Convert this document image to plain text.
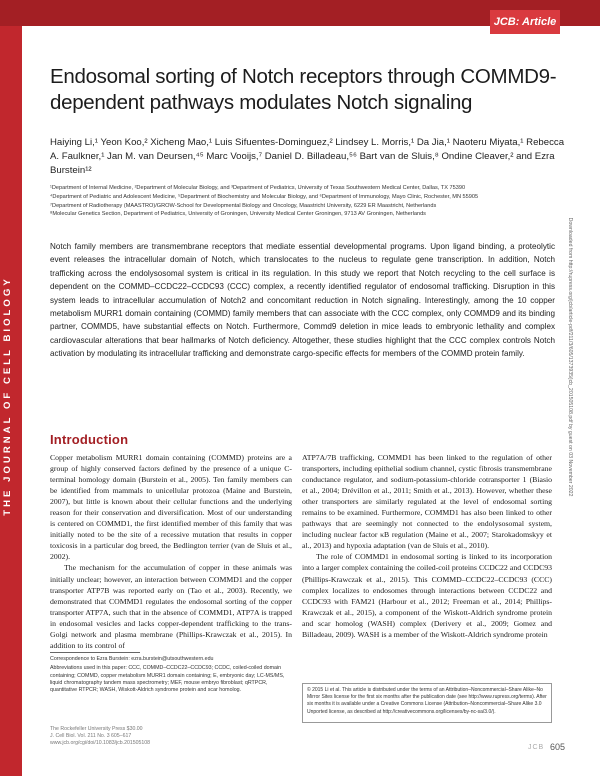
JCB: Article
THE JOURNAL OF CELL BIOLOGY
Endosomal sorting of Notch receptors through COMMD9-dependent pathways modulates Notch signaling
Haiying Li,¹ Yeon Koo,² Xicheng Mao,¹ Luis Sifuentes-Dominguez,² Lindsey L. Morris,¹ Da Jia,¹ Naoteru Miyata,¹ Rebecca A. Faulkner,¹ Jan M. van Deursen,⁴⁵ Marc Vooijs,⁷ Daniel D. Billadeau,⁵⁶ Bart van de Sluis,⁸ Ondine Cleaver,² and Ezra Burstein¹²
¹Department of Internal Medicine, ²Department of Molecular Biology, and ³Department of Pediatrics, University of Texas Southwestern Medical Center, Dallas, TX 75390
⁴Department of Pediatric and Adolescent Medicine, ⁵Department of Biochemistry and Molecular Biology, and ⁶Department of Immunology, Mayo Clinic, Rochester, MN 55905
⁷Department of Radiotherapy (MAASTRO)/GROW-School for Developmental Biology and Oncology, Maastricht University, 6229 ER Maastricht, Netherlands
⁸Molecular Genetics Section, Department of Pediatrics, University of Groningen, University Medical Center Groningen, 9713 AV Groningen, Netherlands
Notch family members are transmembrane receptors that mediate essential developmental programs. Upon ligand binding, a proteolytic event releases the intracellular domain of Notch, which translocates to the nucleus to regulate gene transcription. In addition, Notch trafficking across the endolysosomal system is critical in its regulation. In this study we report that Notch recycling to the cell surface is dependent on the COMMD–CCDC22–CCDC93 (CCC) complex, a recently identified regulator of endosomal trafficking. Disruption in this system leads to intracellular accumulation of Notch2 and concomitant reduction in Notch signaling. Interestingly, among the 10 copper metabolism MURR1 domain containing (COMMD) family members that can associate with the CCC complex, only COMMD9 and its binding partner, COMMD5, have substantial effects on Notch. Furthermore, Commd9 deletion in mice leads to embryonic lethality and complex cardiovascular alterations that bear hallmarks of Notch deficiency. Altogether, these studies highlight that the CCC complex controls Notch activation by modulating its intracellular trafficking and demonstrate cargo-specific effects for members of the COMMD protein family.
Introduction

Copper metabolism MURR1 domain containing (COMMD) proteins are a group of highly conserved factors defined by the presence of a unique C-terminal homology domain (Burstein et al., 2005). Ten family members can be identified from mammals to unicellular protozoa (Maine and Burstein, 2007), but little is known about their cellular functions and the underlying reason for their conservation and diversification. Most of our understanding is centered on COMMD1, the first identified member of this family that was initially noted to be the site of a recessive mutation that results in copper toxicosis in a particular dog breed, the Bedlington terrier (van de Sluis et al., 2002).

The mechanism for the accumulation of copper in these animals was initially unclear; however, an interaction between COMMD1 and the copper transporter ATP7B was reported early on (Tao et al., 2003). Recently, we demonstrated that COMMD1 regulates the endosomal sorting of the copper transporter ATP7A, such that in the absence of COMMD1, ATP7A is trapped in endosomal vesicles and lacks copper-dependent trafficking to the trans-Golgi network and plasma membrane (Phillips-Krawczak et al., 2015). In addition to its control of

ATP7A/7B trafficking, COMMD1 has been linked to the regulation of other transporters, including epithelial sodium channel, cystic fibrosis transmembrane conductance regulator, and sodium-potassium-chloride cotransporter 1 (Biasio et al., 2004; Drévillon et al., 2011; Smith et al., 2013). However, whether these other transporters are similarly regulated at the level of endosomal sorting remains to be examined. Furthermore, COMMD1 has also been linked to other pathways that are seemingly not connected to the endolysosomal system, including nuclear factor κB regulation (Maine et al., 2007; Starokadomskyy et al., 2013) and hypoxia adaptation (van de Sluis et al., 2010).

The role of COMMD1 in endosomal sorting is linked to its incorporation into a larger complex containing the coiled-coil proteins CCDC22 and CCDC93 (Phillips-Krawczak et al., 2015). This COMMD–CCDC22–CCDC93 (CCC) complex localizes to endosomes through interactions between CCDC22 and CCDC93 with FAM21 (Harbour et al., 2012; Freeman et al., 2014; Phillips-Krawczak et al., 2015), a component of the Wiskott-Aldrich syndrome protein and scar homolog (WASH) complex (Derivery et al., 2009; Gomez and Billadeau, 2009). WASH is a member of the Wiskott-Aldrich syndrome protein

Correspondence to Ezra Burstein: ezra.burstein@utsouthwestern.edu

Abbreviations used in this paper: CCC, COMMD–CCDC22–CCDC93; CCDC, coiled-coiled domain containing; COMMD, copper metabolism MURR1 domain containing; E, embryonic day; LC-MS/MS, liquid chromatography tandem mass spectrometry; MEF, mouse embryo fibroblast; qRTPCR, quantitative RTPCR; WASH, Wiskott-Aldrich syndrome protein and scar homolog.	© 2015 Li et al. This article is distributed under the terms of an Attribution–Noncommercial–Share Alike–No Mirror Sites license for the first six months after the publication date (see http://www.rupress.org/terms). After six months it is available under a Creative Commons License (Attribution–Noncommercial–Share Alike 3.0 Unported license, as described at http://creativecommons.org/licenses/by-nc-sa/3.0/).
The Rockefeller University Press $30.00
J. Cell Biol. Vol. 211 No. 3 605–617
www.jcb.org/cgi/doi/10.1083/jcb.201505108
JCB 605
Downloaded from http://rupress.org/jcb/article-pdf/211/3/605/1373935/jcb_201505108.pdf by guest on 03 November 2022
